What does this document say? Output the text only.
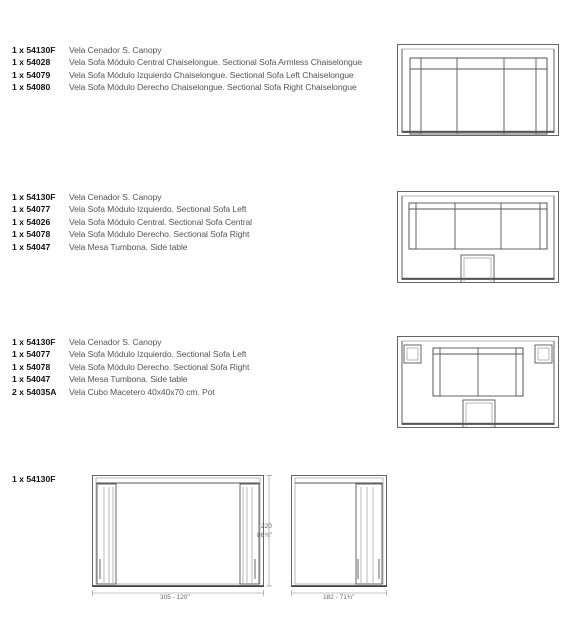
1 x 54130F Vela Cenador S. Canopy
1 x 54028 Vela Sofa Módulo Central Chaiselongue. Sectional Sofa Armless Chaiselongue
1 x 54079 Vela Sofa Módulo Izquierdo Chaiselongue. Sectional Sofa Left Chaiselongue
1 x 54080 Vela Sofa Módulo Derecho Chaiselongue. Sectional Sofa Right Chaiselongue
1 x 54130F Vela Cenador S. Canopy
1 x 54077 Vela Sofa Módulo Izquierdo. Sectional Sofa Left
1 x 54026 Vela Sofa Módulo Central. Sectional Sofa Central
1 x 54078 Vela Sofa Módulo Derecho. Sectional Sofa Right
1 x 54047 Vela Mesa Tumbona. Side table
1 x 54130F Vela Cenador S. Canopy
1 x 54077 Vela Sofa Módulo Izquierdo. Sectional Sofa Left
1 x 54078 Vela Sofa Módulo Derecho. Sectional Sofa Right
1 x 54047 Vela Mesa Tumbona. Side table
2 x 54035A Vela Cubo Macetero 40x40x70 cm. Pot
1 x 54130F
220
86¾"
305 - 120"	182 - 71¾"
